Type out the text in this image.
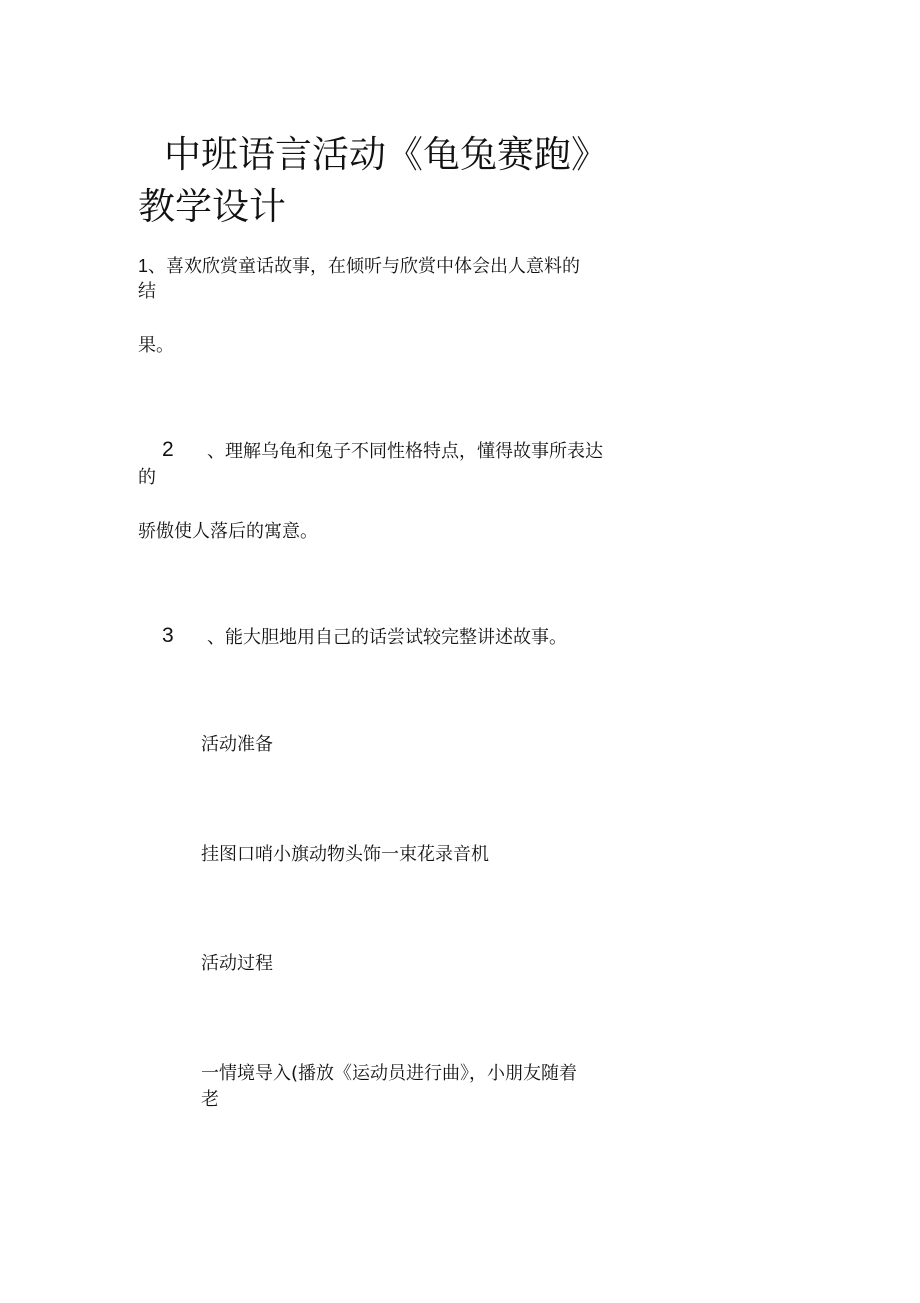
中班语言活动《龟兔赛跑》
教学设计
1、喜欢欣赏童话故事，在倾听与欣赏中体会出人意料的
结
果。
2 、理解乌龟和兔子不同性格特点，懂得故事所表达
的
骄傲使人落后的寓意。
3 、能大胆地用自己的话尝试较完整讲述故事。
活动准备
挂图口哨小旗动物头饰一束花录音机
活动过程
一情境导入(播放《运动员进行曲》，小朋友随着
老
